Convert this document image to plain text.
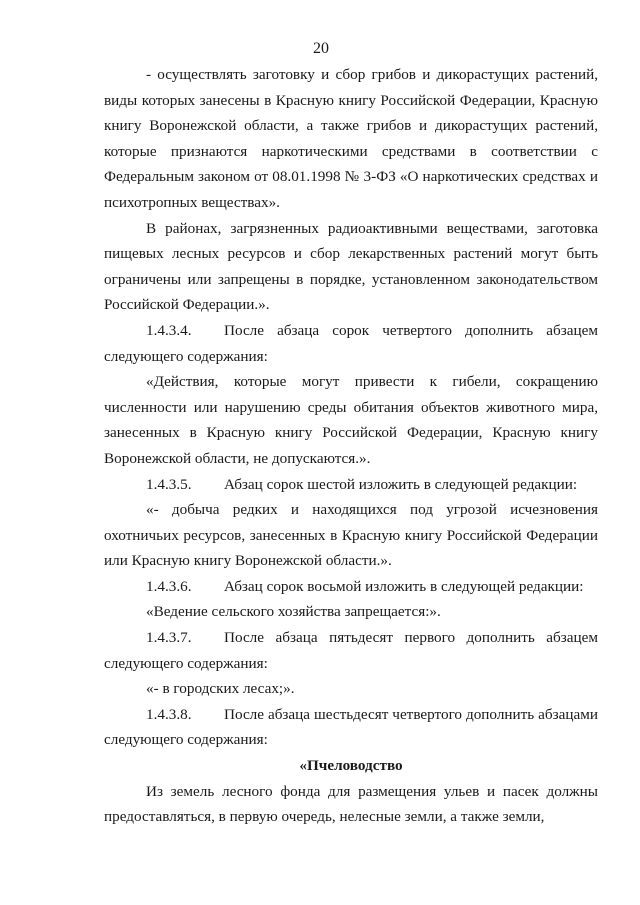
20

- осуществлять заготовку и сбор грибов и дикорастущих растений, виды которых занесены в Красную книгу Российской Федерации, Красную книгу Воронежской области, а также грибов и дикорастущих растений, которые признаются наркотическими средствами в соответствии с Федеральным законом от 08.01.1998 № 3-ФЗ «О наркотических средствах и психотропных веществах».

В районах, загрязненных радиоактивными веществами, заготовка пищевых лесных ресурсов и сбор лекарственных растений могут быть ограничены или запрещены в порядке, установленном законодательством Российской Федерации.».

1.4.3.4. После абзаца сорок четвертого дополнить абзацем следующего содержания:

«Действия, которые могут привести к гибели, сокращению численности или нарушению среды обитания объектов животного мира, занесенных в Красную книгу Российской Федерации, Красную книгу Воронежской области, не допускаются.».

1.4.3.5. Абзац сорок шестой изложить в следующей редакции:

«- добыча редких и находящихся под угрозой исчезновения охотничьих ресурсов, занесенных в Красную книгу Российской Федерации или Красную книгу Воронежской области.».

1.4.3.6. Абзац сорок восьмой изложить в следующей редакции:

«Ведение сельского хозяйства запрещается:».

1.4.3.7. После абзаца пятьдесят первого дополнить абзацем следующего содержания:

«- в городских лесах;».

1.4.3.8. После абзаца шестьдесят четвертого дополнить абзацами следующего содержания:

«Пчеловодство

Из земель лесного фонда для размещения ульев и пасек должны предоставляться, в первую очередь, нелесные земли, а также земли,
